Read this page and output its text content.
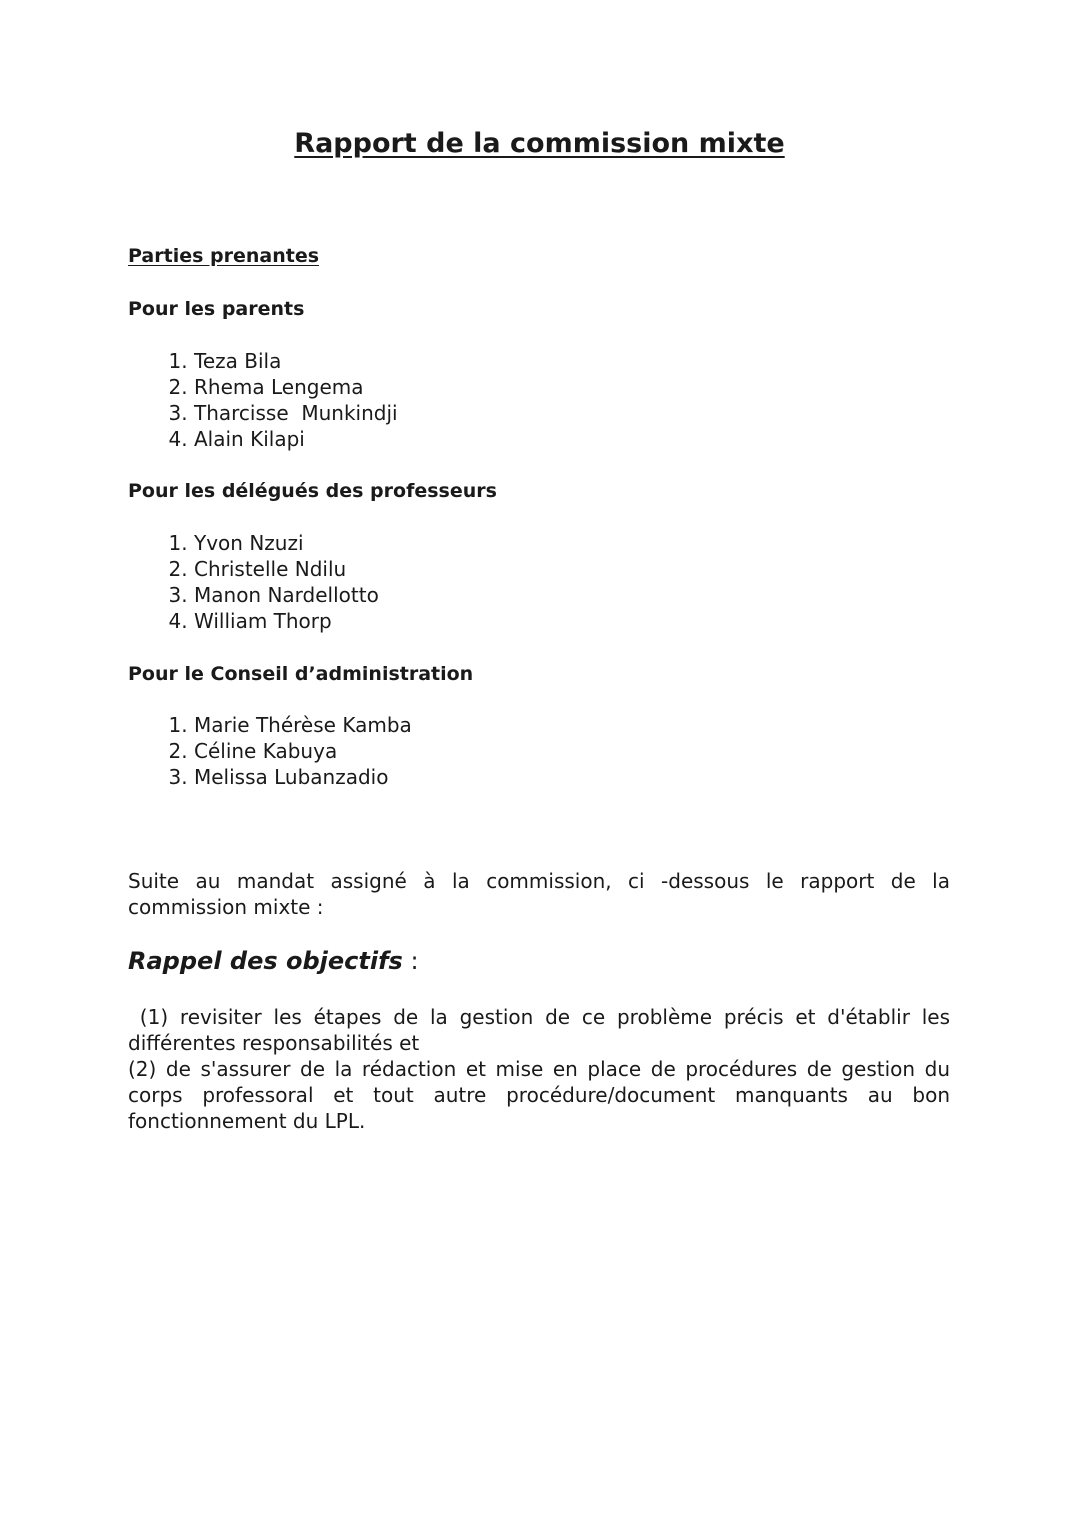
Rapport de la commission mixte

Parties prenantes

Pour les parents

1. Teza Bila
2. Rhema Lengema
3. Tharcisse  Munkindji
4. Alain Kilapi

Pour les délégués des professeurs

1. Yvon Nzuzi
2. Christelle Ndilu
3. Manon Nardellotto
4. William Thorp

Pour le Conseil d’administration

1. Marie Thérèse Kamba
2. Céline Kabuya
3. Melissa Lubanzadio

Suite au mandat assigné à la commission, ci -dessous le rapport de la
commission mixte :

Rappel des objectifs :

(1) revisiter les étapes de la gestion de ce problème précis et d'établir les différentes responsabilités et

(2) de s'assurer de la rédaction et mise en place de procédures de gestion du corps professoral et tout autre procédure/document manquants au bon fonctionnement du LPL.
